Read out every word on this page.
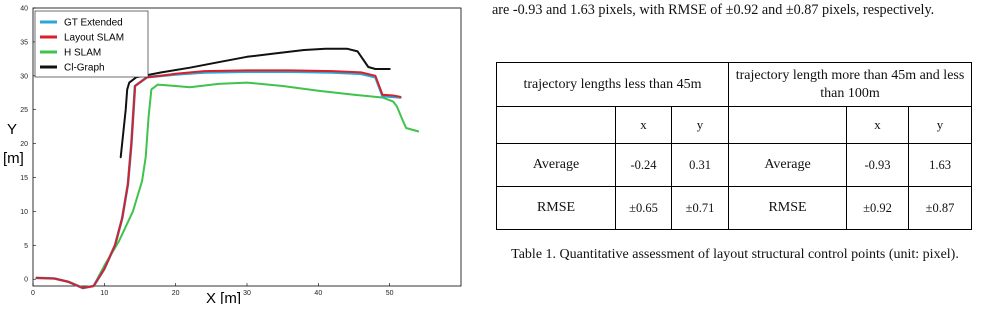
0	10	20	30	40	50
0
5
10
15
20
25
30
35
40
GT Extended
Layout SLAM
H SLAM
Cl-Graph
Y
[m]
X [m]

are -0.93 and 1.63 pixels, with RMSE of ±0.92 and ±0.87 pixels, respectively.

trajectory lengths less than 45m			trajectory length more than 45m and less than 100m		
	x	y		x	y
Average	-0.24	0.31	Average	-0.93	1.63
RMSE	±0.65	±0.71	RMSE	±0.92	±0.87
Table 1. Quantitative assessment of layout structural control points (unit: pixel).
